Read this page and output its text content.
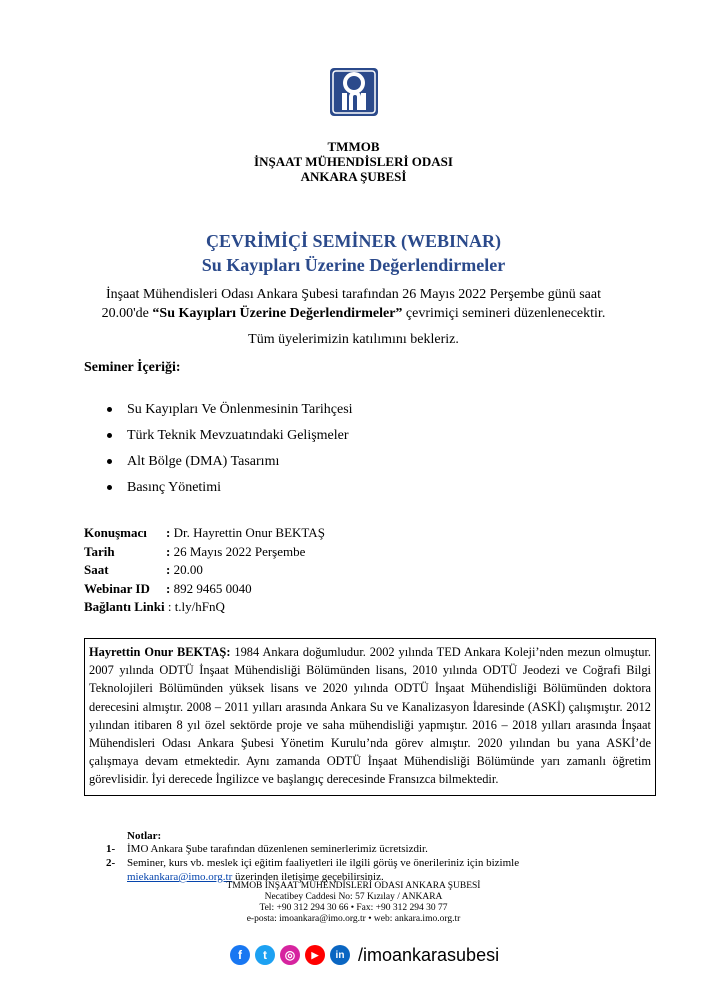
TMMOB
İNŞAAT MÜHENDİSLERİ ODASI
ANKARA ŞUBESİ
ÇEVRİMİÇİ SEMİNER (WEBINAR)
Su Kayıpları Üzerine Değerlendirmeler
İnşaat Mühendisleri Odası Ankara Şubesi tarafından 26 Mayıs 2022 Perşembe günü saat
20.00'de “Su Kayıpları Üzerine Değerlendirmeler” çevrimiçi semineri düzenlenecektir.
Tüm üyelerimizin katılımını bekleriz.
Seminer İçeriği:
Su Kayıpları Ve Önlenmesinin Tarihçesi
Türk Teknik Mevzuatındaki Gelişmeler
Alt Bölge (DMA) Tasarımı
Basınç Yönetimi
Konuşmacı	:
Dr. Hayrettin Onur BEKTAŞ
Tarih	:
26 Mayıs 2022 Perşembe
Saat	:
20.00
Webinar ID	:
892 9465 0040
Bağlantı Linki
:
t.ly/hFnQ
Hayrettin Onur BEKTAŞ: 1984 Ankara doğumludur. 2002 yılında TED Ankara Koleji’nden mezun olmuştur. 2007 yılında ODTÜ İnşaat Mühendisliği Bölümünden lisans, 2010 yılında ODTÜ Jeodezi ve Coğrafi Bilgi Teknolojileri Bölümünden yüksek lisans ve 2020 yılında ODTÜ İnşaat Mühendisliği Bölümünden doktora derecesini almıştır. 2008 – 2011 yılları arasında Ankara Su ve Kanalizasyon İdaresinde (ASKİ) çalışmıştır. 2012 yılından itibaren 8 yıl özel sektörde proje ve saha mühendisliği yapmıştır. 2016 – 2018 yılları arasında İnşaat Mühendisleri Odası Ankara Şubesi Yönetim Kurulu’nda görev almıştır. 2020 yılından bu yana ASKİ’de çalışmaya devam etmektedir. Aynı zamanda ODTÜ İnşaat Mühendisliği Bölümünde yarı zamanlı öğretim görevlisidir. İyi derecede İngilizce ve başlangıç derecesinde Fransızca bilmektedir.
Notlar:
1-	İMO Ankara Şube tarafından düzenlenen seminerlerimiz ücretsizdir.
2-	Seminer, kurs vb. meslek içi eğitim faaliyetleri ile ilgili görüş ve önerileriniz için bizimle
miekankara@imo.org.tr üzerinden iletişime geçebilirsiniz.
TMMOB İNŞAAT MÜHENDİSLERİ ODASI ANKARA ŞUBESİ
Necatibey Caddesi No: 57 Kızılay / ANKARA
Tel: +90 312 294 30 66 • Fax: +90 312 294 30 77
e-posta: imoankara@imo.org.tr • web: ankara.imo.org.tr
f	t	◎	▶	in /imoankarasubesi
